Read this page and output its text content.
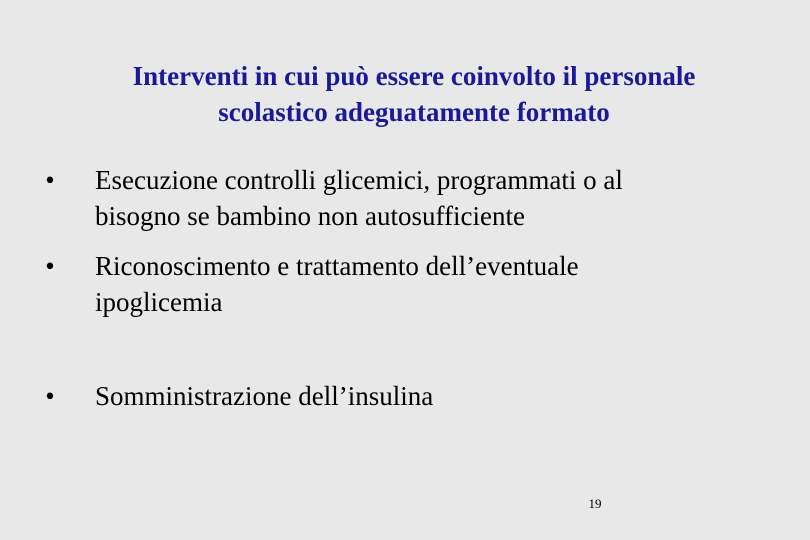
Interventi in cui può essere coinvolto il personale
scolastico adeguatamente formato
• Esecuzione controlli glicemici, programmati o al
bisogno se bambino non autosufficiente
• Riconoscimento e trattamento dell’eventuale
ipoglicemia
• Somministrazione dell’insulina
19
